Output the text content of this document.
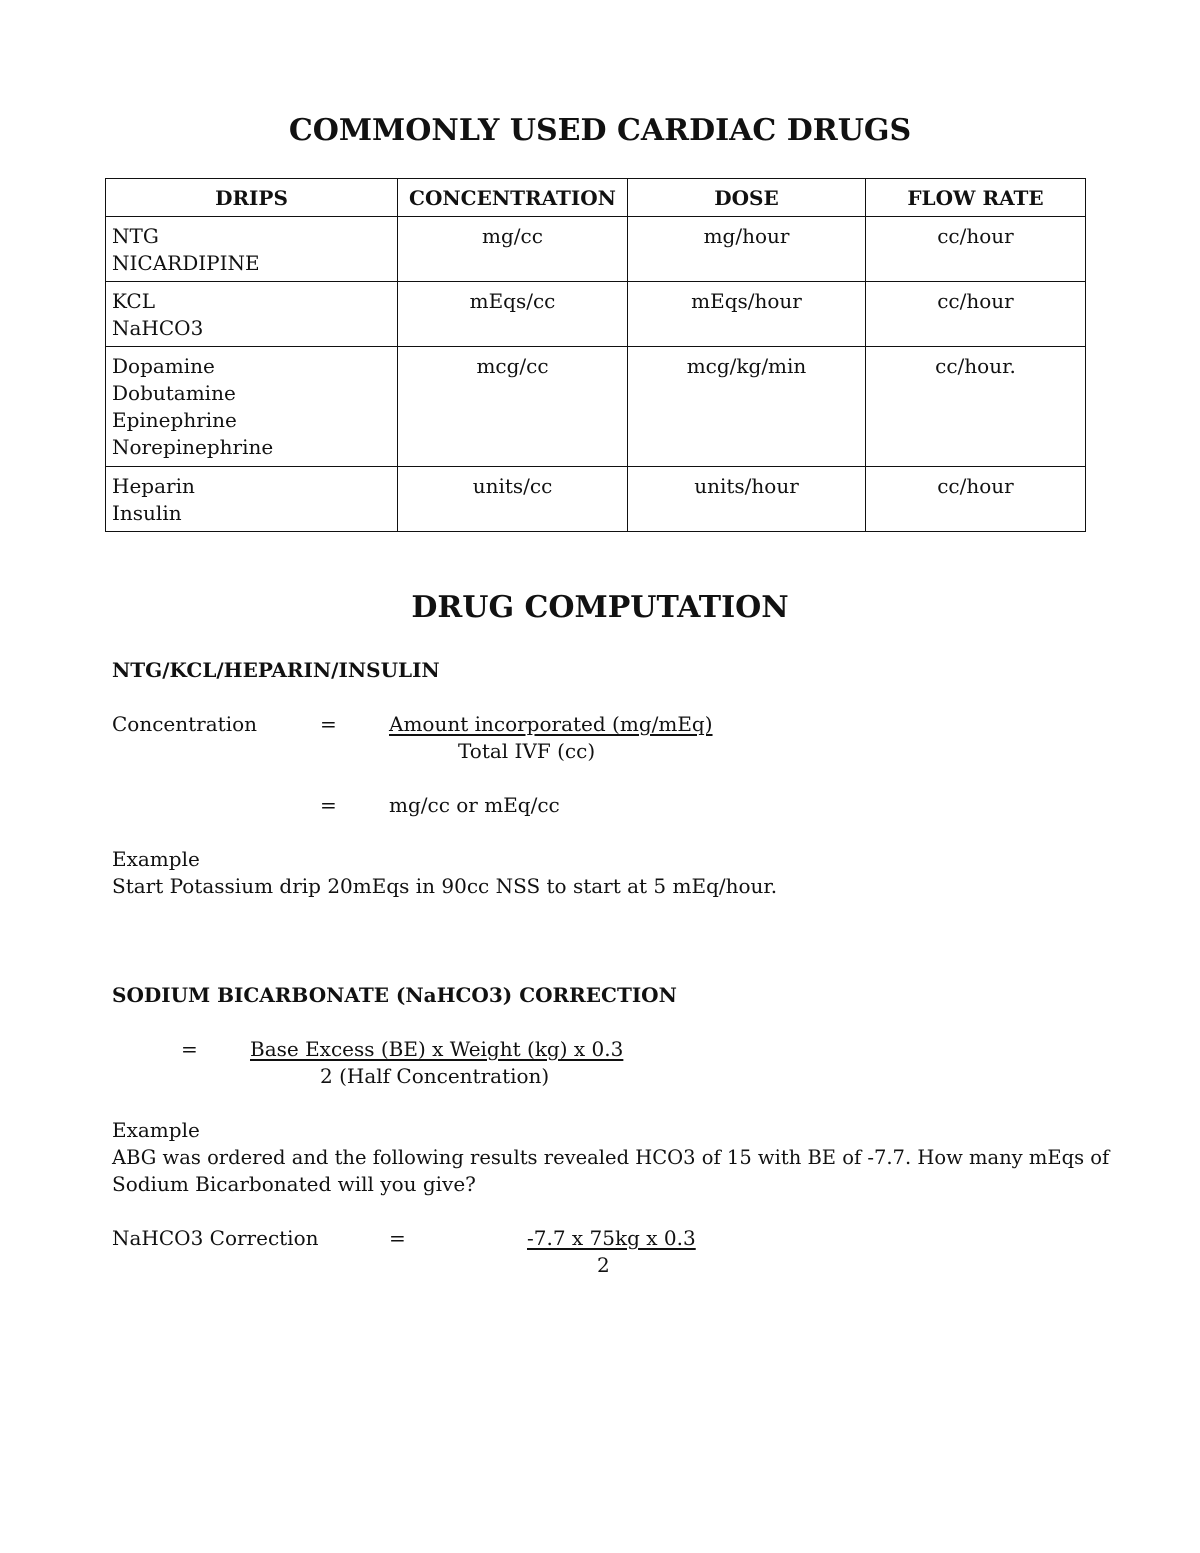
COMMONLY USED CARDIAC DRUGS
DRIPS	CONCENTRATION	DOSE	FLOW RATE

NTG
NICARDIPINE	mg/cc	mg/hour	cc/hour

KCL
NaHCO3	mEqs/cc	mEqs/hour	cc/hour

Dopamine
Dobutamine
Epinephrine
Norepinephrine	mcg/cc	mcg/kg/min	cc/hour.

Heparin
Insulin	units/cc	units/hour	cc/hour
DRUG COMPUTATION
NTG/KCL/HEPARIN/INSULIN
Concentration	=	Amount incorporated (mg/mEq)
Total IVF (cc)
=	mg/cc or mEq/cc
Example
Start Potassium drip 20mEqs in 90cc NSS to start at 5 mEq/hour.
SODIUM BICARBONATE (NaHCO3) CORRECTION
=	Base Excess (BE) x Weight (kg) x 0.3
2 (Half Concentration)
Example
ABG was ordered and the following results revealed HCO3 of 15 with BE of -7.7. How many mEqs of
Sodium Bicarbonated will you give?
NaHCO3 Correction	=	-7.7 x 75kg x 0.3
2
